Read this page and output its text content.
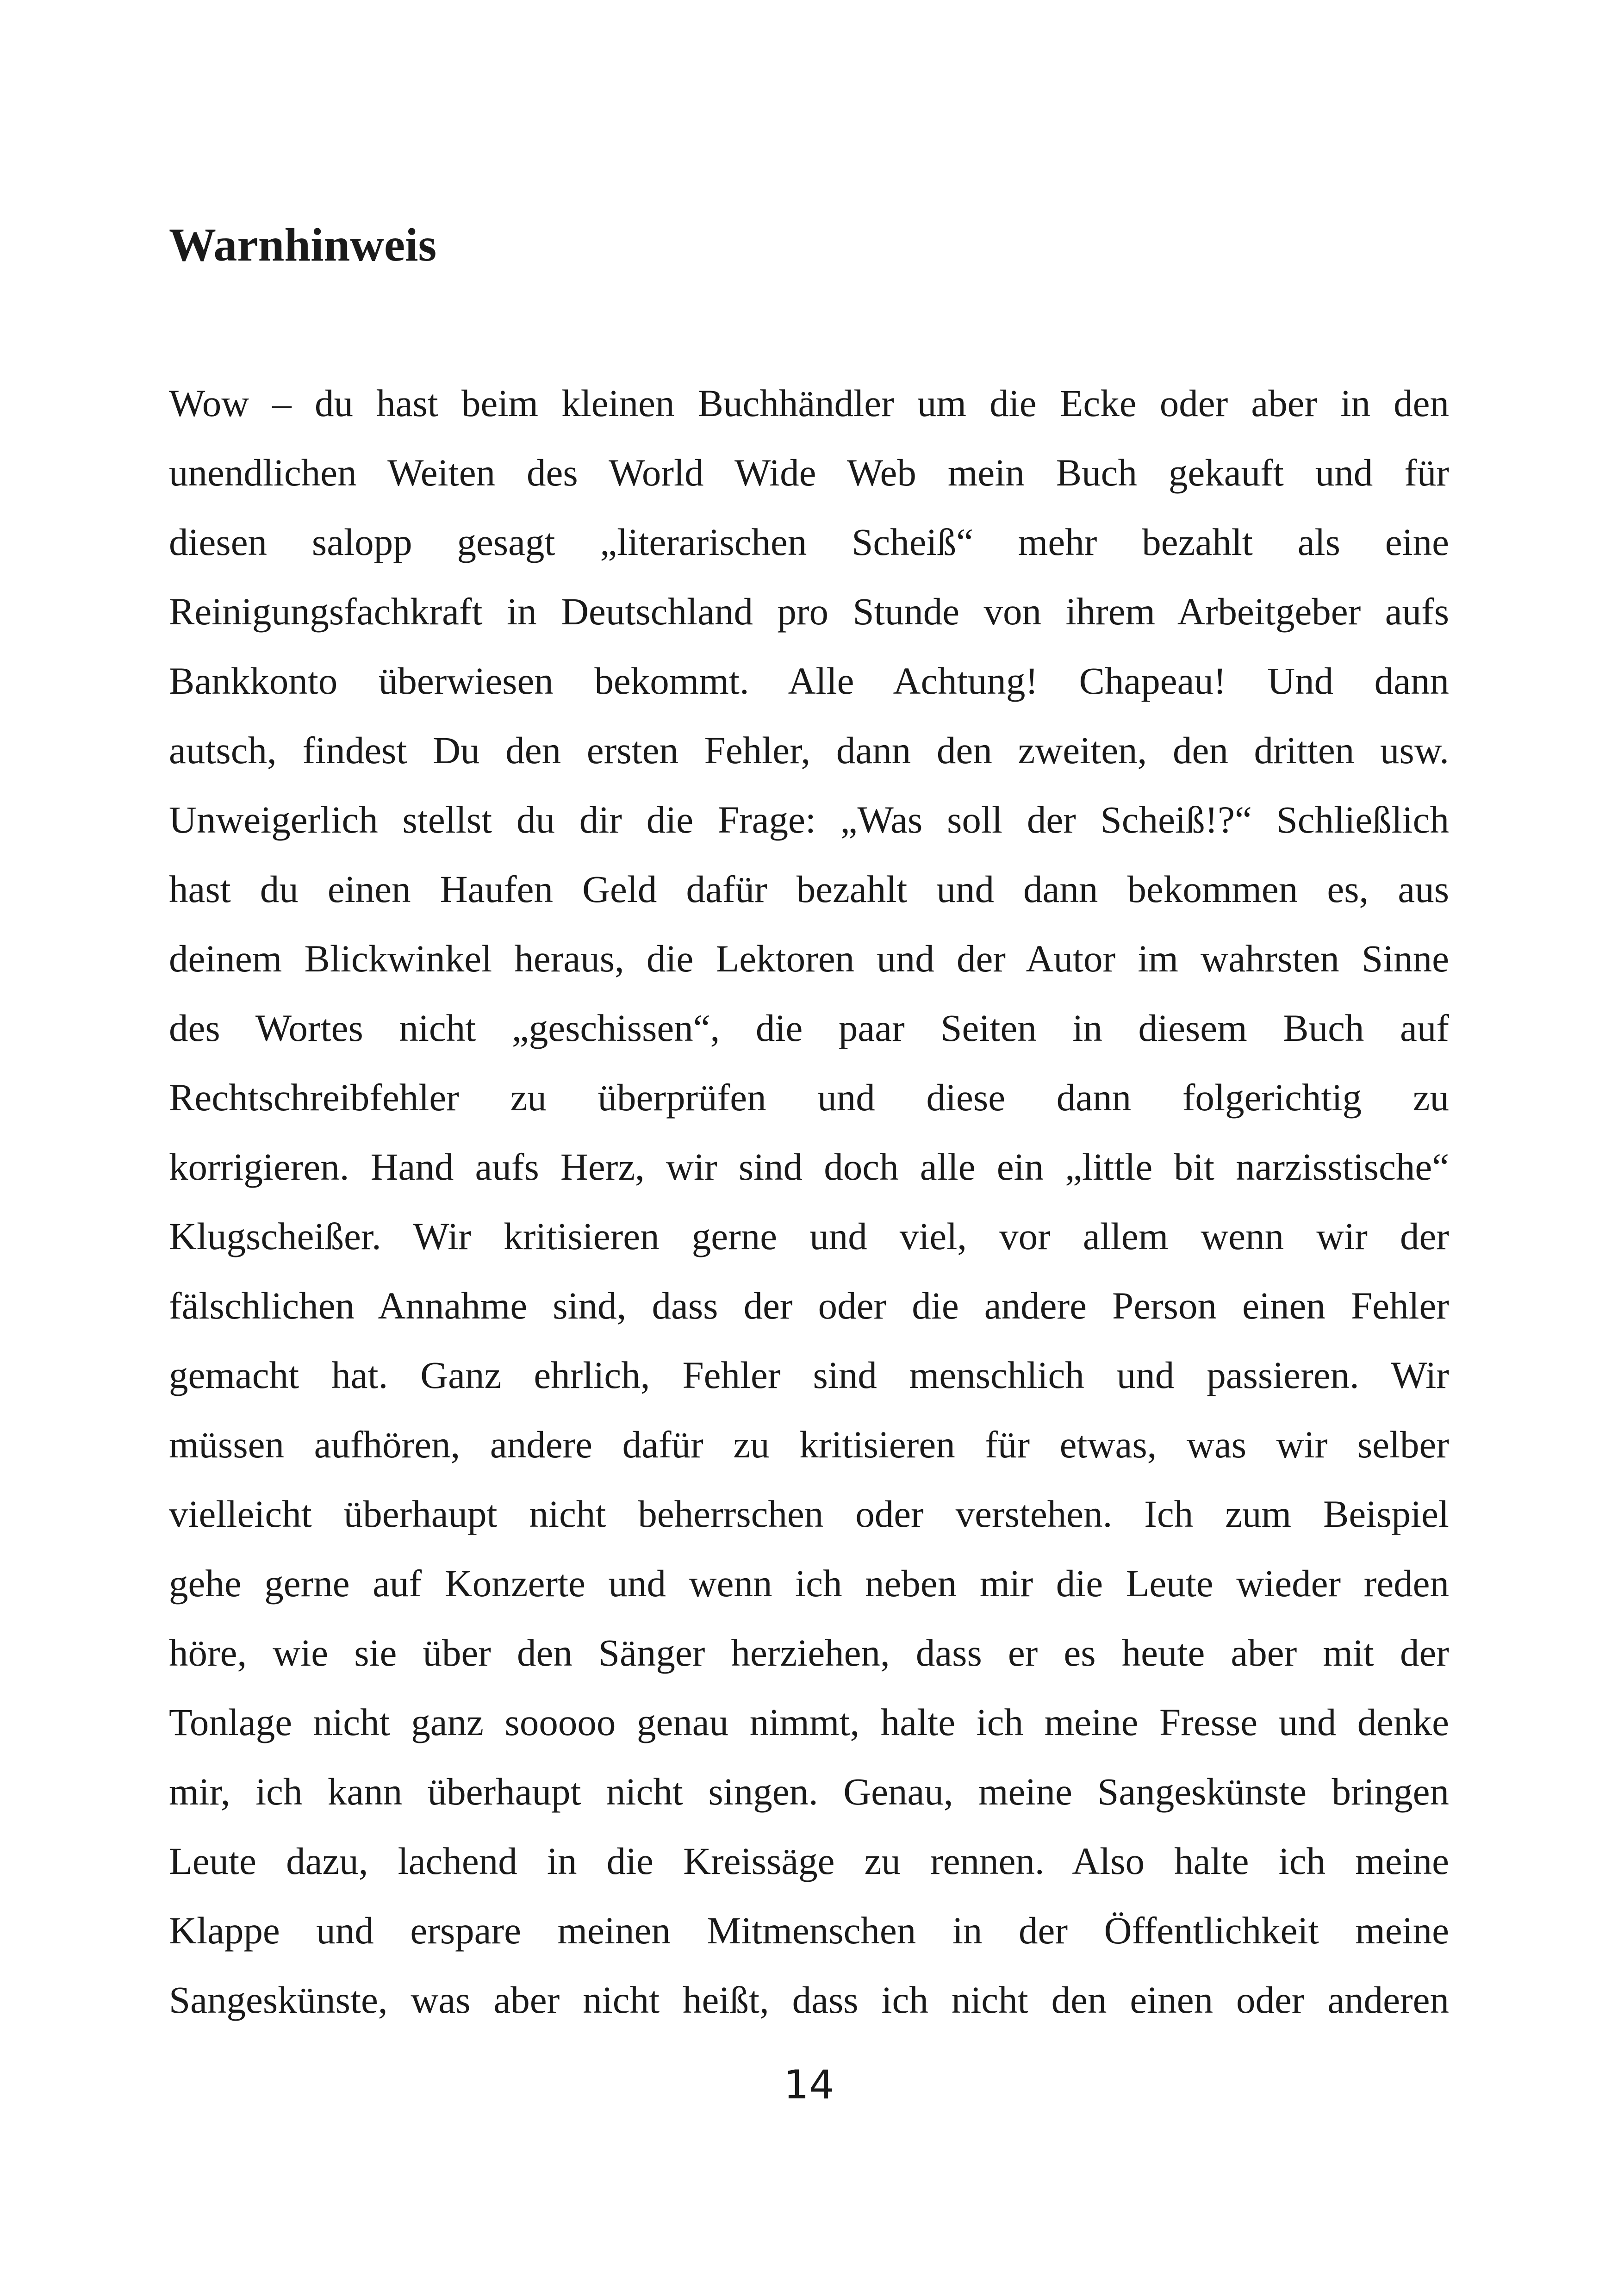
Warnhinweis
Wow – du hast beim kleinen Buchhändler um die Ecke oder aber in den
unendlichen Weiten des World Wide Web mein Buch gekauft und für
diesen salopp gesagt „literarischen Scheiß“ mehr bezahlt als eine
Reinigungsfachkraft in Deutschland pro Stunde von ihrem Arbeitgeber aufs
Bankkonto überwiesen bekommt. Alle Achtung! Chapeau! Und dann
autsch, findest Du den ersten Fehler, dann den zweiten, den dritten usw.
Unweigerlich stellst du dir die Frage: „Was soll der Scheiß!?“ Schließlich
hast du einen Haufen Geld dafür bezahlt und dann bekommen es, aus
deinem Blickwinkel heraus, die Lektoren und der Autor im wahrsten Sinne
des Wortes nicht „geschissen“, die paar Seiten in diesem Buch auf
Rechtschreibfehler zu überprüfen und diese dann folgerichtig zu
korrigieren. Hand aufs Herz, wir sind doch alle ein „little bit narzisstische“
Klugscheißer. Wir kritisieren gerne und viel, vor allem wenn wir der
fälschlichen Annahme sind, dass der oder die andere Person einen Fehler
gemacht hat. Ganz ehrlich, Fehler sind menschlich und passieren. Wir
müssen aufhören, andere dafür zu kritisieren für etwas, was wir selber
vielleicht überhaupt nicht beherrschen oder verstehen. Ich zum Beispiel
gehe gerne auf Konzerte und wenn ich neben mir die Leute wieder reden
höre, wie sie über den Sänger herziehen, dass er es heute aber mit der
Tonlage nicht ganz sooooo genau nimmt, halte ich meine Fresse und denke
mir, ich kann überhaupt nicht singen. Genau, meine Sangeskünste bringen
Leute dazu, lachend in die Kreissäge zu rennen. Also halte ich meine
Klappe und erspare meinen Mitmenschen in der Öffentlichkeit meine
Sangeskünste, was aber nicht heißt, dass ich nicht den einen oder anderen
14
